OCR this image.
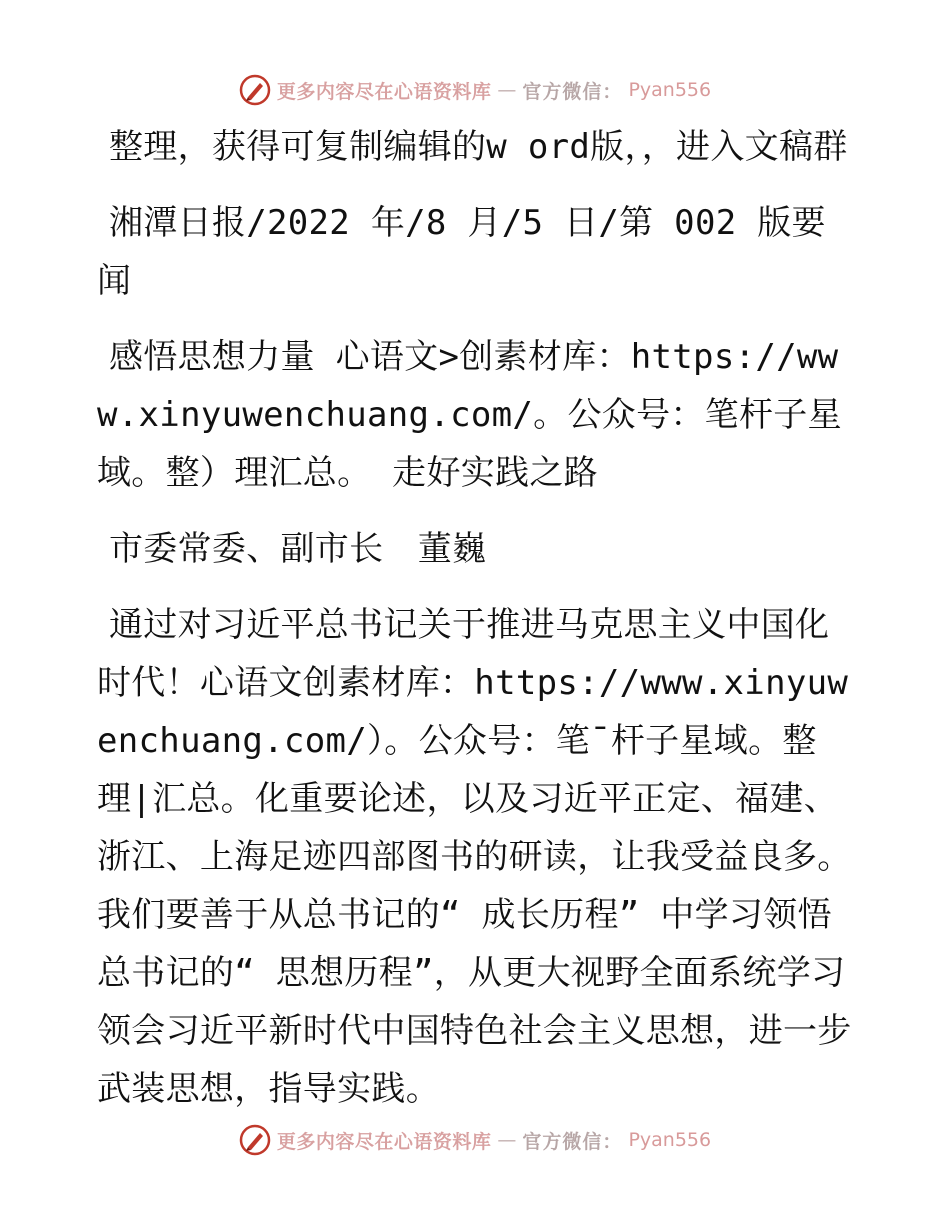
更多内容尽在心语资料库 — 官方微信： Pyan556

整理，获得可复制编辑的w ord版，，进入文稿群

湘潭日报/2022 年/8 月/5 日/第 002 版要闻

感悟思想力量 心语文>创素材库：https://www.xinyuwenchuang.com/。公众号：笔杆子星域。整）理汇总。 走好实践之路

市委常委、副市长　董巍

通过对习近平总书记关于推进马克思主义中国化时代！心语文创素材库：https://www.xinyuwenchuang.com/）。公众号：笔¯杆子星域。整理|汇总。化重要论述，以及习近平正定、福建、浙江、上海足迹四部图书的研读，让我受益良多。我们要善于从总书记的“ 成长历程” 中学习领悟总书记的“ 思想历程”，从更大视野全面系统学习领会习近平新时代中国特色社会主义思想，进一步武装思想，指导实践。

更多内容尽在心语资料库 — 官方微信： Pyan556
